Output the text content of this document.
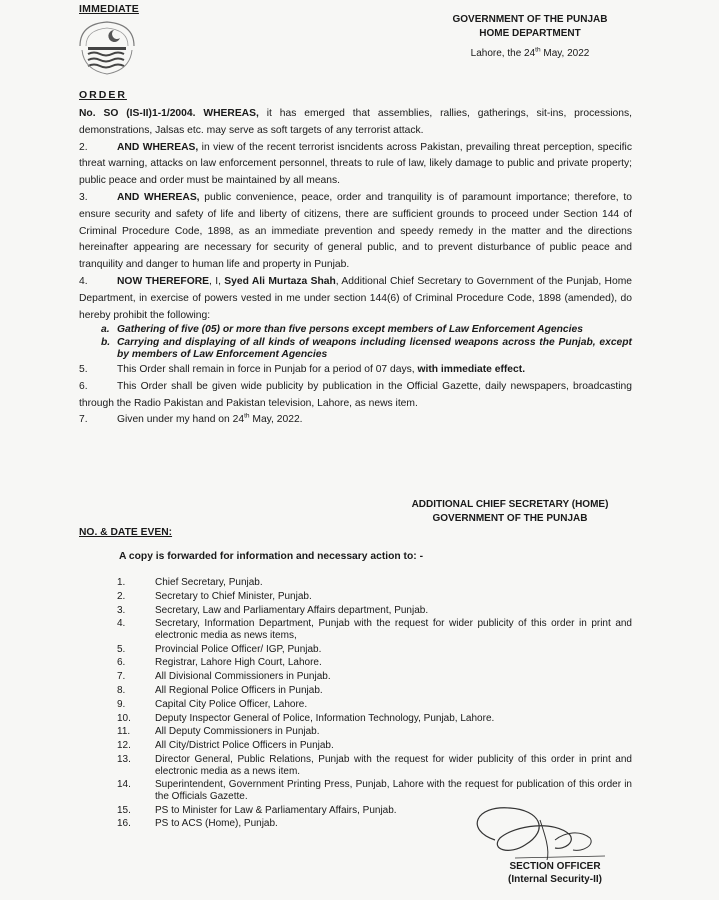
IMMEDIATE
GOVERNMENT OF THE PUNJAB
HOME DEPARTMENT
Lahore, the 24th May, 2022
ORDER

No. SO (IS-II)1-1/2004. WHEREAS, it has emerged that assemblies, rallies, gatherings, sit-ins, processions, demonstrations, Jalsas etc. may serve as soft targets of any terrorist attack.

2.	AND WHEREAS, in view of the recent terrorist isncidents across Pakistan, prevailing threat perception, specific threat warning, attacks on law enforcement personnel, threats to rule of law, likely damage to public and private property; public peace and order must be maintained by all means.

3.	AND WHEREAS, public convenience, peace, order and tranquility is of paramount importance; therefore, to ensure security and safety of life and liberty of citizens, there are sufficient grounds to proceed under Section 144 of Criminal Procedure Code, 1898, as an immediate prevention and speedy remedy in the matter and the directions hereinafter appearing are necessary for security of general public, and to prevent disturbance of public peace and tranquility and danger to human life and property in Punjab.

4.	NOW THEREFORE, I, Syed Ali Murtaza Shah, Additional Chief Secretary to Government of the Punjab, Home Department, in exercise of powers vested in me under section 144(6) of Criminal Procedure Code, 1898 (amended), do hereby prohibit the following:

a. Gathering of five (05) or more than five persons except members of Law Enforcement Agencies
b. Carrying and displaying of all kinds of weapons including licensed weapons across the Punjab, except by members of Law Enforcement Agencies

5.	This Order shall remain in force in Punjab for a period of 07 days, with immediate effect.

6.	This Order shall be given wide publicity by publication in the Official Gazette, daily newspapers, broadcasting through the Radio Pakistan and Pakistan television, Lahore, as news item.

7.	Given under my hand on 24th May, 2022.

ADDITIONAL CHIEF SECRETARY (HOME)
GOVERNMENT OF THE PUNJAB
NO. & DATE EVEN:
A copy is forwarded for information and necessary action to: -
1.	Chief Secretary, Punjab.
2.	Secretary to Chief Minister, Punjab.
3.	Secretary, Law and Parliamentary Affairs department, Punjab.
4.	Secretary, Information Department, Punjab with the request for wider publicity of this order in print and electronic media as news items,
5.	Provincial Police Officer/ IGP, Punjab.
6.	Registrar, Lahore High Court, Lahore.
7.	All Divisional Commissioners in Punjab.
8.	All Regional Police Officers in Punjab.
9.	Capital City Police Officer, Lahore.
10.	Deputy Inspector General of Police, Information Technology, Punjab, Lahore.
11.	All Deputy Commissioners in Punjab.
12.	All City/District Police Officers in Punjab.
13.	Director General, Public Relations, Punjab with the request for wider publicity of this order in print and electronic media as a news item.
14.	Superintendent, Government Printing Press, Punjab, Lahore with the request for publication of this order in the Officials Gazette.
15.	PS to Minister for Law & Parliamentary Affairs, Punjab.
16.	PS to ACS (Home), Punjab.
SECTION OFFICER
(Internal Security-II)
